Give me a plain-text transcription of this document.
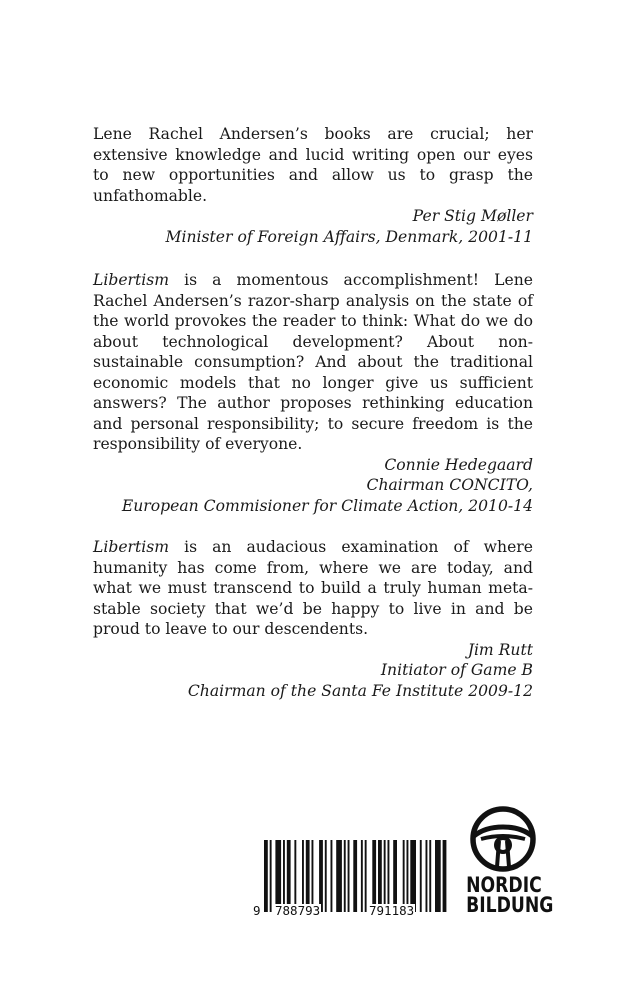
Lene Rachel Andersen’s books are crucial; her extensive knowledge and lucid writing open our eyes to new opportunities and allow us to grasp the unfathomable.

Per Stig Møller
Minister of Foreign Affairs, Denmark, 2001-11

Libertism is a momentous accomplishment! Lene Rachel Andersen’s razor-sharp analysis on the state of the world provokes the reader to think: What do we do about technological development? About non-sustainable consumption? And about the traditional economic models that no longer give us sufficient answers? The author proposes rethinking education and personal responsibility; to secure freedom is the responsibility of everyone.

Connie Hedegaard
Chairman CONCITO,
European Commisioner for Climate Action, 2010-14

Libertism is an audacious examination of where humanity has come from, where we are today, and what we must transcend to build a truly human meta-stable society that we’d be happy to live in and be proud to leave to our descendents.

Jim Rutt
Initiator of Game B
Chairman of the Santa Fe Institute 2009-12
9 788793	791183
NORDIC
BILDUNG
